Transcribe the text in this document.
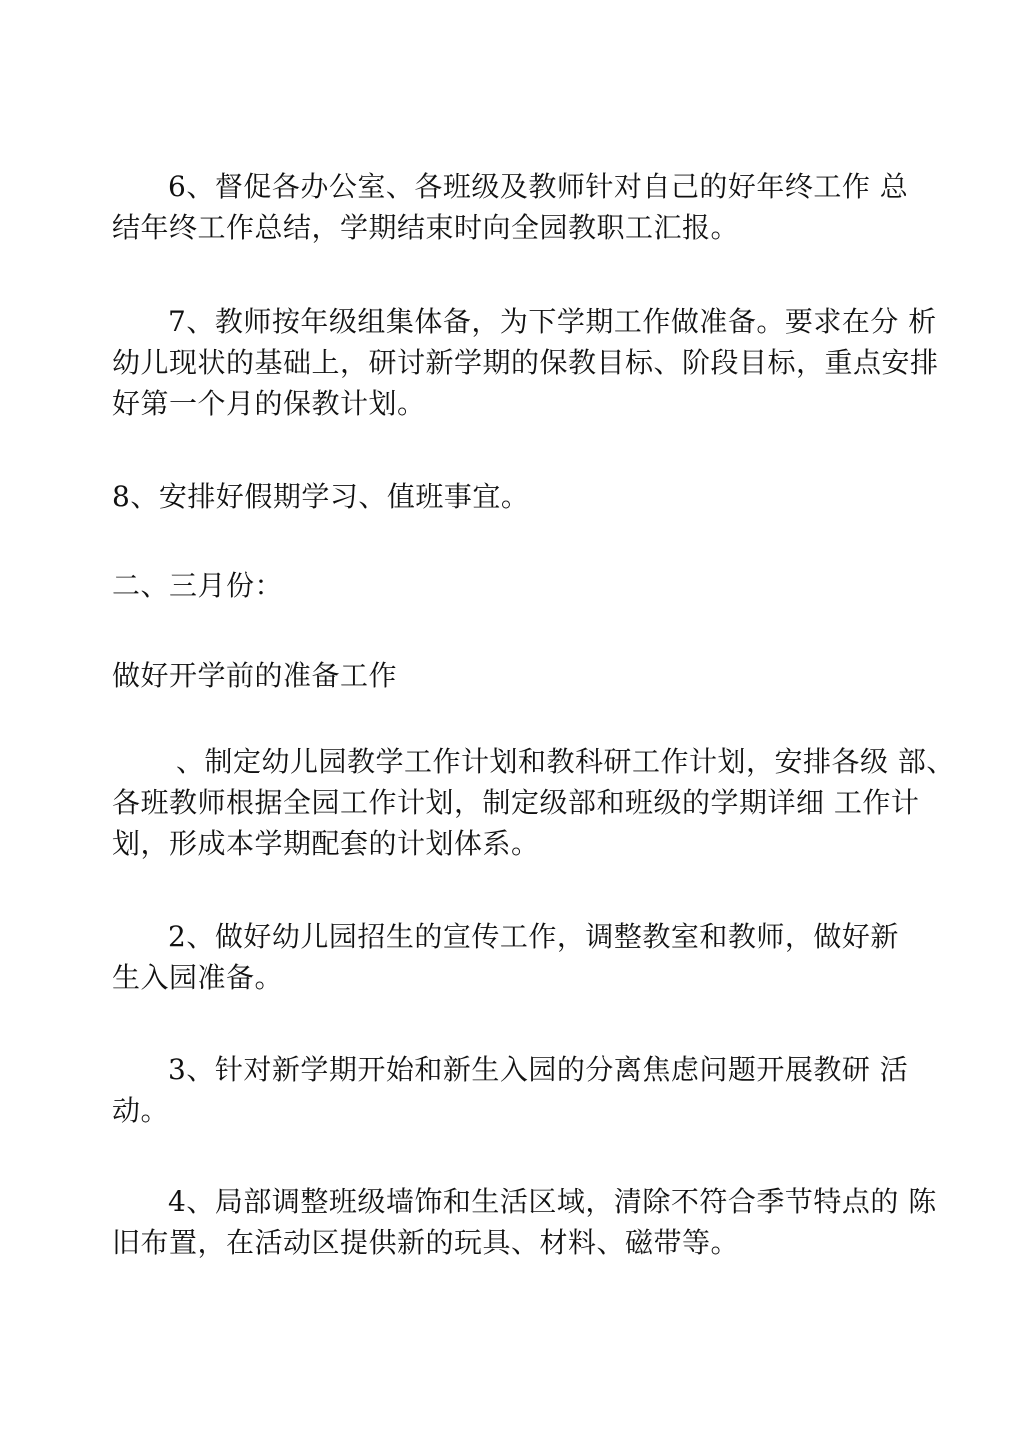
6、督促各办公室、各班级及教师针对自己的好年终工作 总
结年终工作总结，学期结束时向全园教职工汇报。
7、教师按年级组集体备，为下学期工作做准备。要求在分 析
幼儿现状的基础上，研讨新学期的保教目标、阶段目标，重点安排
好第一个月的保教计划。
8、安排好假期学习、值班事宜。
二、三月份：
做好开学前的准备工作
、制定幼儿园教学工作计划和教科研工作计划，安排各级 部、
各班教师根据全园工作计划，制定级部和班级的学期详细 工作计
划，形成本学期配套的计划体系。
2、做好幼儿园招生的宣传工作，调整教室和教师，做好新
生入园准备。
3、针对新学期开始和新生入园的分离焦虑问题开展教研 活
动。
4、局部调整班级墙饰和生活区域，清除不符合季节特点的 陈
旧布置，在活动区提供新的玩具、材料、磁带等。
